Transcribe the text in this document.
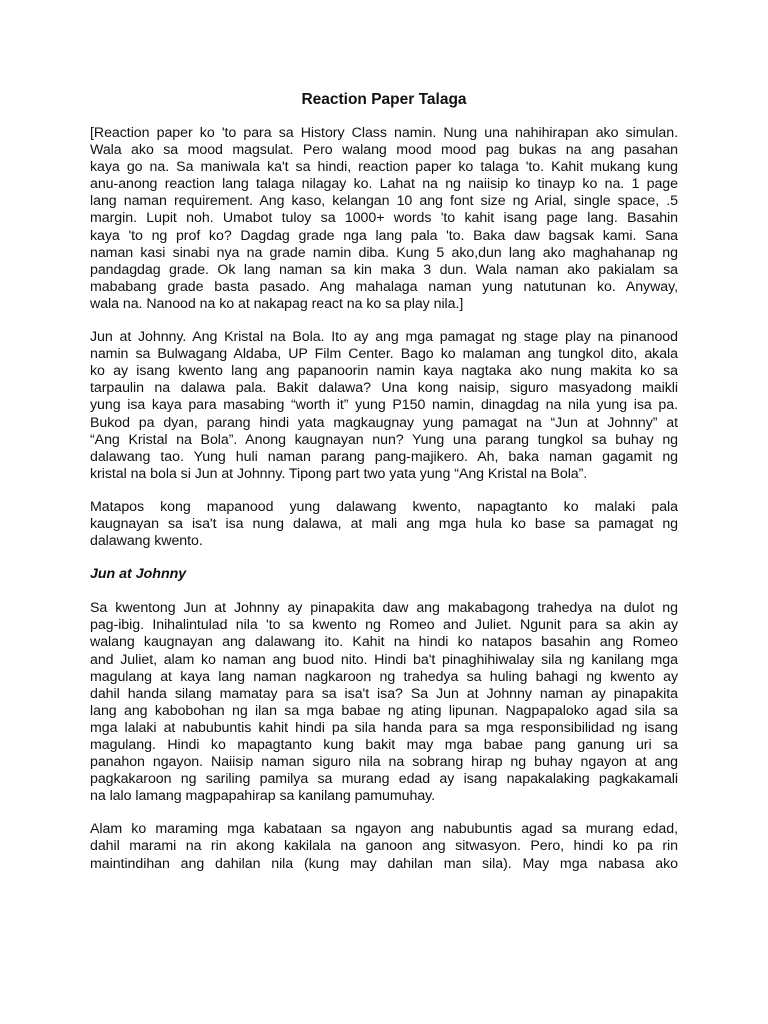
Reaction Paper Talaga
[Reaction paper ko 'to para sa History Class namin. Nung una nahihirapan ako simulan.
Wala ako sa mood magsulat. Pero walang mood mood pag bukas na ang pasahan
kaya go na. Sa maniwala ka't sa hindi, reaction paper ko talaga 'to. Kahit mukang kung
anu-anong reaction lang talaga nilagay ko. Lahat na ng naiisip ko tinayp ko na. 1 page
lang naman requirement. Ang kaso, kelangan 10 ang font size ng Arial, single space, .5
margin. Lupit noh. Umabot tuloy sa 1000+ words 'to kahit isang page lang. Basahin
kaya 'to ng prof ko? Dagdag grade nga lang pala 'to. Baka daw bagsak kami. Sana
naman kasi sinabi nya na grade namin diba. Kung 5 ako,dun lang ako maghahanap ng
pandagdag grade. Ok lang naman sa kin maka 3 dun. Wala naman ako pakialam sa
mababang grade basta pasado. Ang mahalaga naman yung natutunan ko. Anyway,
wala na. Nanood na ko at nakapag react na ko sa play nila.]
Jun at Johnny. Ang Kristal na Bola. Ito ay ang mga pamagat ng stage play na pinanood
namin sa Bulwagang Aldaba, UP Film Center. Bago ko malaman ang tungkol dito, akala
ko ay isang kwento lang ang papanoorin namin kaya nagtaka ako nung makita ko sa
tarpaulin na dalawa pala. Bakit dalawa? Una kong naisip, siguro masyadong maikli
yung isa kaya para masabing “worth it” yung P150 namin, dinagdag na nila yung isa pa.
Bukod pa dyan, parang hindi yata magkaugnay yung pamagat na “Jun at Johnny” at
“Ang Kristal na Bola”. Anong kaugnayan nun? Yung una parang tungkol sa buhay ng
dalawang tao. Yung huli naman parang pang-majikero. Ah, baka naman gagamit ng
kristal na bola si Jun at Johnny. Tipong part two yata yung “Ang Kristal na Bola”.
Matapos kong mapanood yung dalawang kwento, napagtanto ko malaki pala
kaugnayan sa isa't isa nung dalawa, at mali ang mga hula ko base sa pamagat ng
dalawang kwento.
Jun at Johnny
Sa kwentong Jun at Johnny ay pinapakita daw ang makabagong trahedya na dulot ng
pag-ibig. Inihalintulad nila 'to sa kwento ng Romeo and Juliet. Ngunit para sa akin ay
walang kaugnayan ang dalawang ito. Kahit na hindi ko natapos basahin ang Romeo
and Juliet, alam ko naman ang buod nito. Hindi ba't pinaghihiwalay sila ng kanilang mga
magulang at kaya lang naman nagkaroon ng trahedya sa huling bahagi ng kwento ay
dahil handa silang mamatay para sa isa't isa? Sa Jun at Johnny naman ay pinapakita
lang ang kabobohan ng ilan sa mga babae ng ating lipunan. Nagpapaloko agad sila sa
mga lalaki at nabubuntis kahit hindi pa sila handa para sa mga responsibilidad ng isang
magulang. Hindi ko mapagtanto kung bakit may mga babae pang ganung uri sa
panahon ngayon. Naiisip naman siguro nila na sobrang hirap ng buhay ngayon at ang
pagkakaroon ng sariling pamilya sa murang edad ay isang napakalaking pagkakamali
na lalo lamang magpapahirap sa kanilang pamumuhay.
Alam ko maraming mga kabataan sa ngayon ang nabubuntis agad sa murang edad,
dahil marami na rin akong kakilala na ganoon ang sitwasyon. Pero, hindi ko pa rin
maintindihan ang dahilan nila (kung may dahilan man sila). May mga nabasa ako
